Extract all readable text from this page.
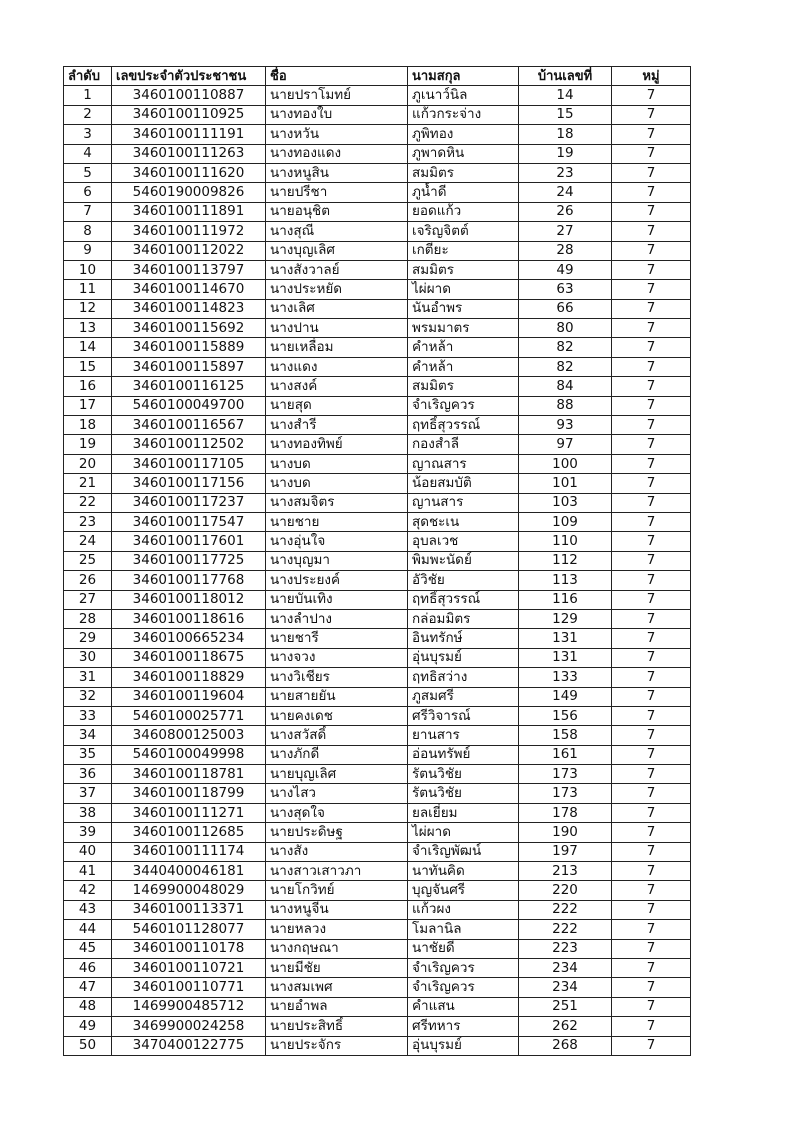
ลำดับ	เลขประจำตัวประชาชน	ชื่อ	นามสกุล	บ้านเลขที่	หมู่
1	3460100110887	นายปราโมทย์	ภูเนาว์นิล	14	7
2	3460100110925	นางทองใบ	แก้วกระจ่าง	15	7
3	3460100111191	นางหวัน	ภูพิทอง	18	7
4	3460100111263	นางทองแดง	ภูพาดหิน	19	7
5	3460100111620	นางหนูสิน	สมมิตร	23	7
6	5460190009826	นายปรีชา	ภูน้ำดี	24	7
7	3460100111891	นายอนุชิต	ยอดแก้ว	26	7
8	3460100111972	นางสุณี	เจริญจิตต์	27	7
9	3460100112022	นางบุญเลิศ	เกตียะ	28	7
10	3460100113797	นางสังวาลย์	สมมิตร	49	7
11	3460100114670	นางประหยัด	ไผ่ผาด	63	7
12	3460100114823	นางเลิศ	นันอำพร	66	7
13	3460100115692	นางปาน	พรมมาตร	80	7
14	3460100115889	นายเหลื่อม	คำหล้า	82	7
15	3460100115897	นางแดง	คำหล้า	82	7
16	3460100116125	นางสงค์	สมมิตร	84	7
17	5460100049700	นายสุด	จำเริญควร	88	7
18	3460100116567	นางสำรี	ฤทธิ์สุวรรณ์	93	7
19	3460100112502	นางทองทิพย์	กองสำลี	97	7
20	3460100117105	นางบด	ญาณสาร	100	7
21	3460100117156	นางบด	น้อยสมบัติ	101	7
22	3460100117237	นางสมจิตร	ญานสาร	103	7
23	3460100117547	นายชาย	สุดชะเน	109	7
24	3460100117601	นางอุ่นใจ	อุบลเวช	110	7
25	3460100117725	นางบุญมา	พิมพะนัดย์	112	7
26	3460100117768	นางประยงค์	อัวิชัย	113	7
27	3460100118012	นายบันเทิง	ฤทธิ์สุวรรณ์	116	7
28	3460100118616	นางลำปาง	กล่อมมิตร	129	7
29	3460100665234	นายชารี	อินทรักษ์	131	7
30	3460100118675	นางจวง	อุ่นบุรมย์	131	7
31	3460100118829	นางวิเชียร	ฤทธิสว่าง	133	7
32	3460100119604	นายสายยัน	ภูสมศรี	149	7
33	5460100025771	นายคงเดช	ศรีวิจารณ์	156	7
34	3460800125003	นางสวัสดิ์	ยานสาร	158	7
35	5460100049998	นางภักดี	อ่อนทรัพย์	161	7
36	3460100118781	นายบุญเลิศ	รัตนวิชัย	173	7
37	3460100118799	นางไสว	รัตนวิชัย	173	7
38	3460100111271	นางสุดใจ	ยลเยี่ยม	178	7
39	3460100112685	นายประดิษฐ	ไผ่ผาด	190	7
40	3460100111174	นางสัง	จำเริญพัฒน์	197	7
41	3440400046181	นางสาวเสาวภา	นาทันคิด	213	7
42	1469900048029	นายโกวิทย์	บุญจันศรี	220	7
43	3460100113371	นางหนูจีน	แก้วผง	222	7
44	5460101128077	นายหลวง	โมลานิล	222	7
45	3460100110178	นางกฤษณา	นาชัยดี	223	7
46	3460100110721	นายมีชัย	จำเริญควร	234	7
47	3460100110771	นางสมเพศ	จำเริญควร	234	7
48	1469900485712	นายอำพล	คำแสน	251	7
49	3469900024258	นายประสิทธิ์	ศรีทหาร	262	7
50	3470400122775	นายประจักร	อุ่นบุรมย์	268	7
